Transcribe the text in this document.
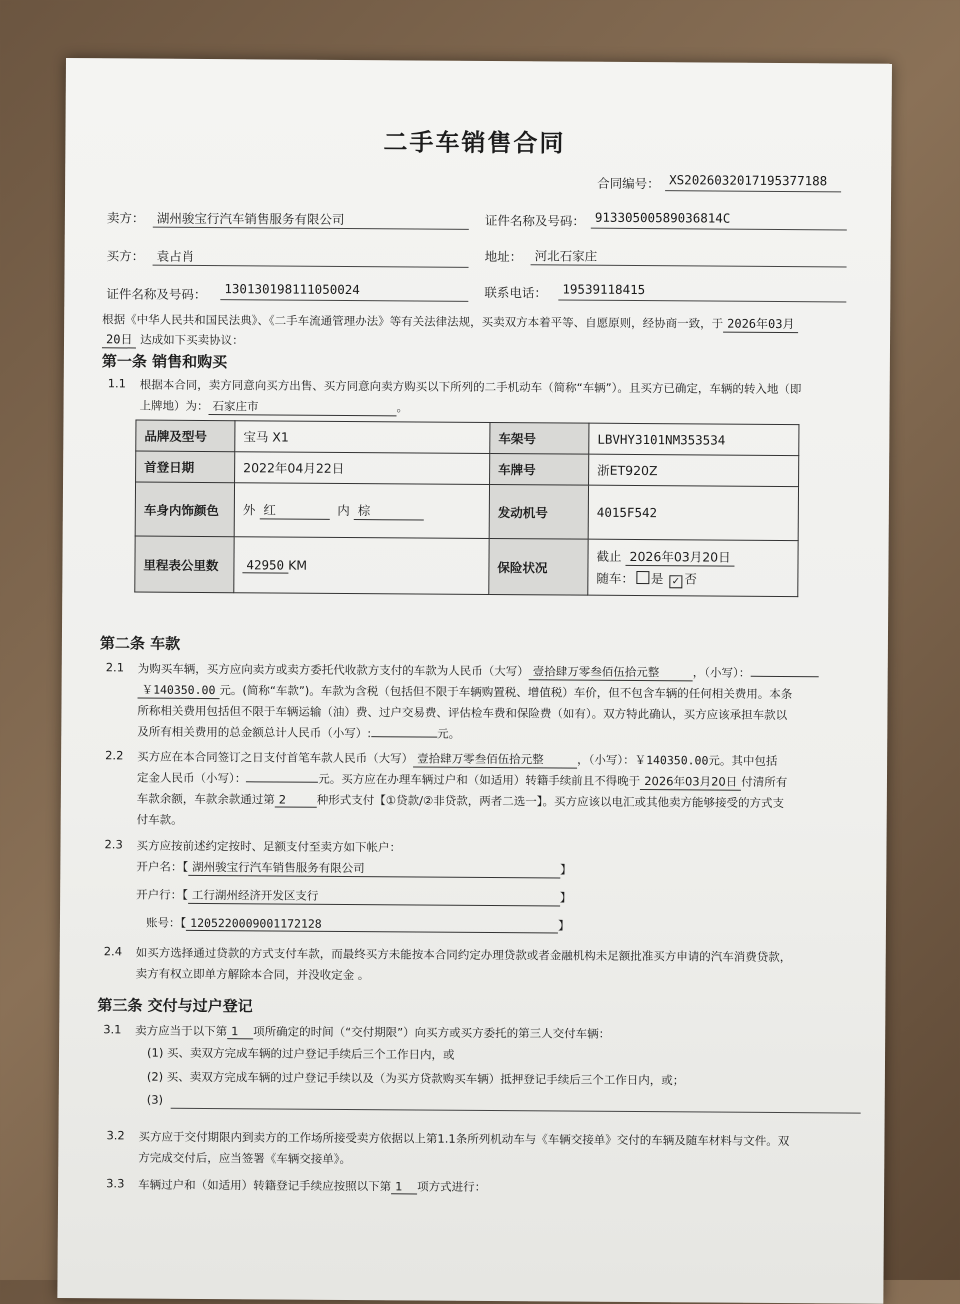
二手车销售合同
合同编号： XS20260320171953771​88
卖方： 湖州骏宝行汽车销售服务有限公司	证件名称及号码： 91330500589036814C
买方： 袁占肖	地址： 河北石家庄
证件名称及号码： 130130198111050024	联系电话： 19539118415
根据《中华人民共和国民法典》、《二手车流通管理办法》等有关法律法规，买卖双方本着平等、自愿原则，经协商一致，于 2026年03月
20日 达成如下买卖协议：
第一条 销售和购买
1.1 根据本合同，卖方同意向买方出售、买方同意向卖方购买以下所列的二手机动车（简称“车辆”）。且买方已确定，车辆的转入地（即
上牌地）为： 石家庄市	。
品牌及型号	宝马 X1	车架号	LBVHY3101NM353534
首登日期	2022年04月22日	车牌号	浙ET920Z
车身内饰颜色	外 红 内 棕	发动机号	4015F542
里程表公里数	42950 KM	保险状况	截止 2026年03月20日
随车： 是 ✓ 否
第二条 车款
2.1 为购买车辆，买方应向卖方或卖方委托代收款方支付的车款为人民币（大写） 壹拾肆万零叁佰伍拾元整	，（小写）：
￥140350.00 元。(简称“车款”)。车款为含税（包括但不限于车辆购置税、增值税）车价，但不包含车辆的任何相关费用。本条
所称相关费用包括但不限于车辆运输（油）费、过户交易费、评估检车费和保险费（如有）。双方特此确认，买方应该承担车款以
及所有相关费用的总金额总计人民币（小写）:	元。
2.2 买方应在本合同签订之日支付首笔车款人民币（大写） 壹拾肆万零叁佰伍拾元整	，（小写）：￥140350.00元。其中包括
定金人民币（小写）：	元。买方应在办理车辆过户和（如适用）转籍手续前且不得晚于 2026年03月20日 付清所有
车款余额，车款余款通过第 2	种形式支付【①贷款/②非贷款，两者二选一】。买方应该以电汇或其他卖方能够接受的方式支
付车款。
2.3 买方应按前述约定按时、足额支付至卖方如下帐户：
开户名：【 湖州骏宝行汽车销售服务有限公司	】
开户行：【 工行湖州经济开发区支行	】
账号：【 1205220009001172128	】
2.4 如买方选择通过贷款的方式支付车款，而最终买方未能按本合同约定办理贷款或者金融机构未足额批准买方申请的汽车消费贷款，
卖方有权立即单方解除本合同，并没收定金 。
第三条 交付与过户登记
3.1 卖方应当于以下第 1 项所确定的时间（“交付期限”）向买方或买方委托的第三人交付车辆：
(1) 买、卖双方完成车辆的过户登记手续后三个工作日内，或
(2) 买、卖双方完成车辆的过户登记手续以及（为买方贷款购买车辆）抵押登记手续后三个工作日内，或；
(3)
3.2 买方应于交付期限内到卖方的工作场所接受卖方依据以上第1.1条所列机动车与《车辆交接单》交付的车辆及随车材料与文件。双
方完成交付后，应当签署《车辆交接单》。
3.3 车辆过户和（如适用）转籍登记手续应按照以下第 1 项方式进行：
